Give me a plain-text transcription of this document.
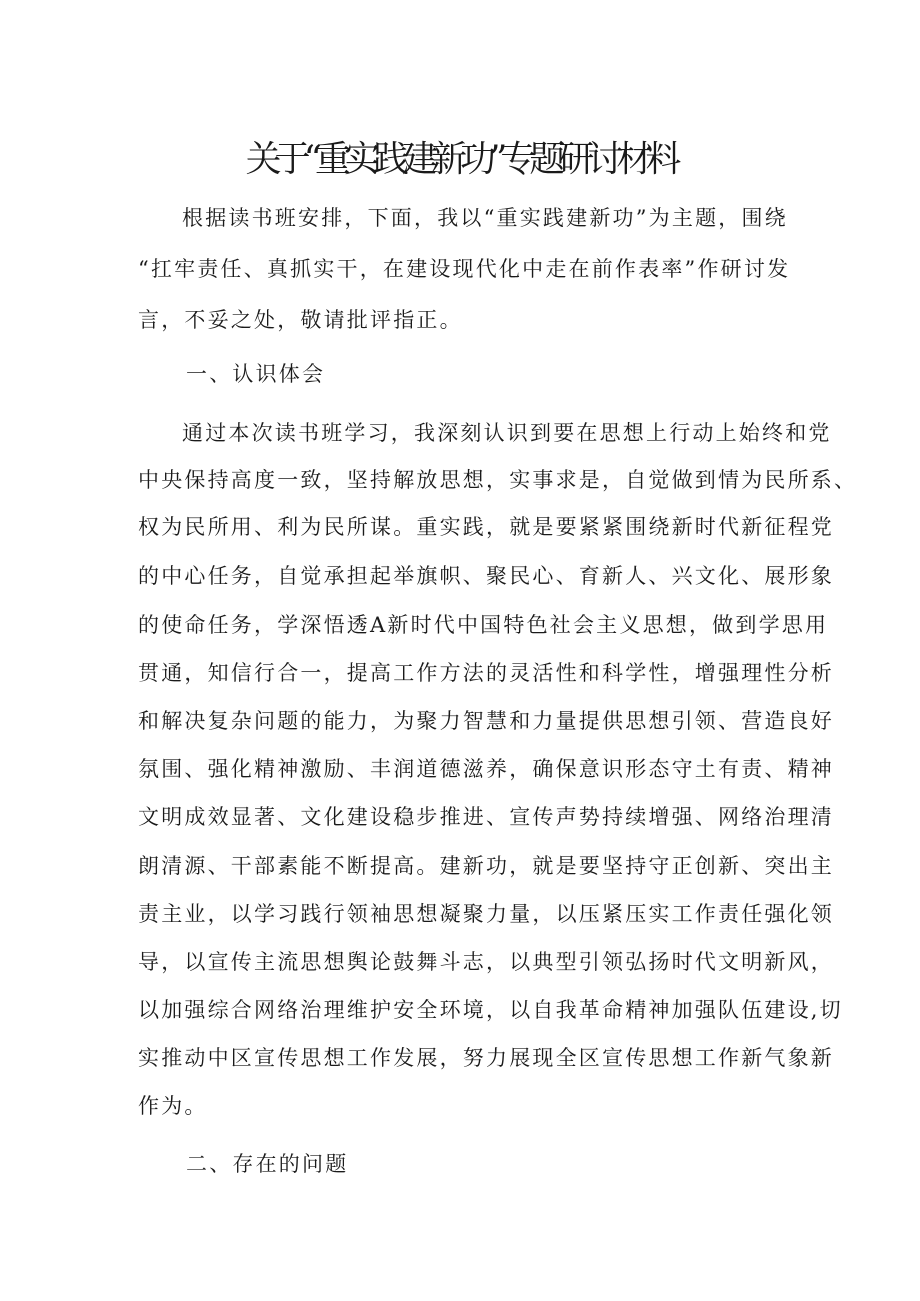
关于“重实践建新功”专题研讨材料
根据读书班安排，下面，我以“重实践建新功”为主题，围绕
“扛牢责任、真抓实干，在建设现代化中走在前作表率”作研讨发
言，不妥之处，敬请批评指正。
一、认识体会
通过本次读书班学习，我深刻认识到要在思想上行动上始终和党
中央保持高度一致，坚持解放思想，实事求是，自觉做到情为民所系、
权为民所用、利为民所谋。重实践，就是要紧紧围绕新时代新征程党
的中心任务，自觉承担起举旗帜、聚民心、育新人、兴文化、展形象
的使命任务，学深悟透A新时代中国特色社会主义思想，做到学思用
贯通，知信行合一，提高工作方法的灵活性和科学性，增强理性分析
和解决复杂问题的能力，为聚力智慧和力量提供思想引领、营造良好
氛围、强化精神激励、丰润道德滋养，确保意识形态守土有责、精神
文明成效显著、文化建设稳步推进、宣传声势持续增强、网络治理清
朗清源、干部素能不断提高。建新功，就是要坚持守正创新、突出主
责主业，以学习践行领袖思想凝聚力量，以压紧压实工作责任强化领
导，以宣传主流思想舆论鼓舞斗志，以典型引领弘扬时代文明新风，
以加强综合网络治理维护安全环境，以自我革命精神加强队伍建设,切
实推动中区宣传思想工作发展，努力展现全区宣传思想工作新气象新
作为。
二、存在的问题
